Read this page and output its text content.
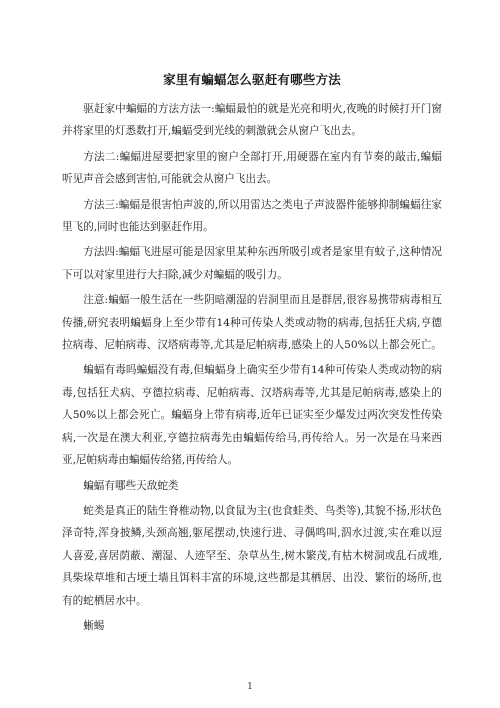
家里有蝙蝠怎么驱赶有哪些方法

驱赶家中蝙蝠的方法方法一:蝙蝠最怕的就是光亮和明火,夜晚的时候打开门窗并将家里的灯悉数打开,蝙蝠受到光线的刺激就会从窗户飞出去。

方法二:蝙蝠进屋要把家里的窗户全部打开,用硬器在室内有节奏的敲击,蝙蝠听见声音会感到害怕,可能就会从窗户飞出去。

方法三:蝙蝠是很害怕声波的,所以用雷达之类电子声波器件能够抑制蝙蝠往家里飞的,同时也能达到驱赶作用。

方法四:蝙蝠飞进屋可能是因家里某种东西所吸引或者是家里有蚊子,这种情况下可以对家里进行大扫除,减少对蝙蝠的吸引力。

注意:蝙蝠一般生活在一些阴暗潮湿的岩洞里而且是群居,很容易携带病毒相互传播,研究表明蝙蝠身上至少带有14种可传染人类或动物的病毒,包括狂犬病,亨德拉病毒、尼帕病毒、汉塔病毒等,尤其是尼帕病毒,感染上的人50%以上都会死亡。

蝙蝠有毒吗蝙蝠没有毒,但蝙蝠身上确实至少带有14种可传染人类或动物的病毒,包括狂犬病、亨德拉病毒、尼帕病毒、汉塔病毒等,尤其是尼帕病毒,感染上的人50%以上都会死亡。蝙蝠身上带有病毒,近年已证实至少爆发过两次突发性传染病,一次是在澳大利亚,亨德拉病毒先由蝙蝠传给马,再传给人。另一次是在马来西亚,尼帕病毒由蝙蝠传给猪,再传给人。

蝙蝠有哪些天敌蛇类

蛇类是真正的陆生脊椎动物,以食鼠为主(也食蛙类、鸟类等),其貌不扬,形状色泽奇特,浑身披鳞,头颈高翘,躯尾摆动,快速行进、寻偶鸣叫,泅水过渡,实在难以逗人喜爱,喜居荫蔽、潮湿、人迹罕至、杂草丛生,树木繁茂,有枯木树洞或乱石成堆,具柴垛草堆和古埂土墙且饵料丰富的环境,这些都是其栖居、出没、繁衍的场所,也有的蛇栖居水中。

蜥蜴

1
